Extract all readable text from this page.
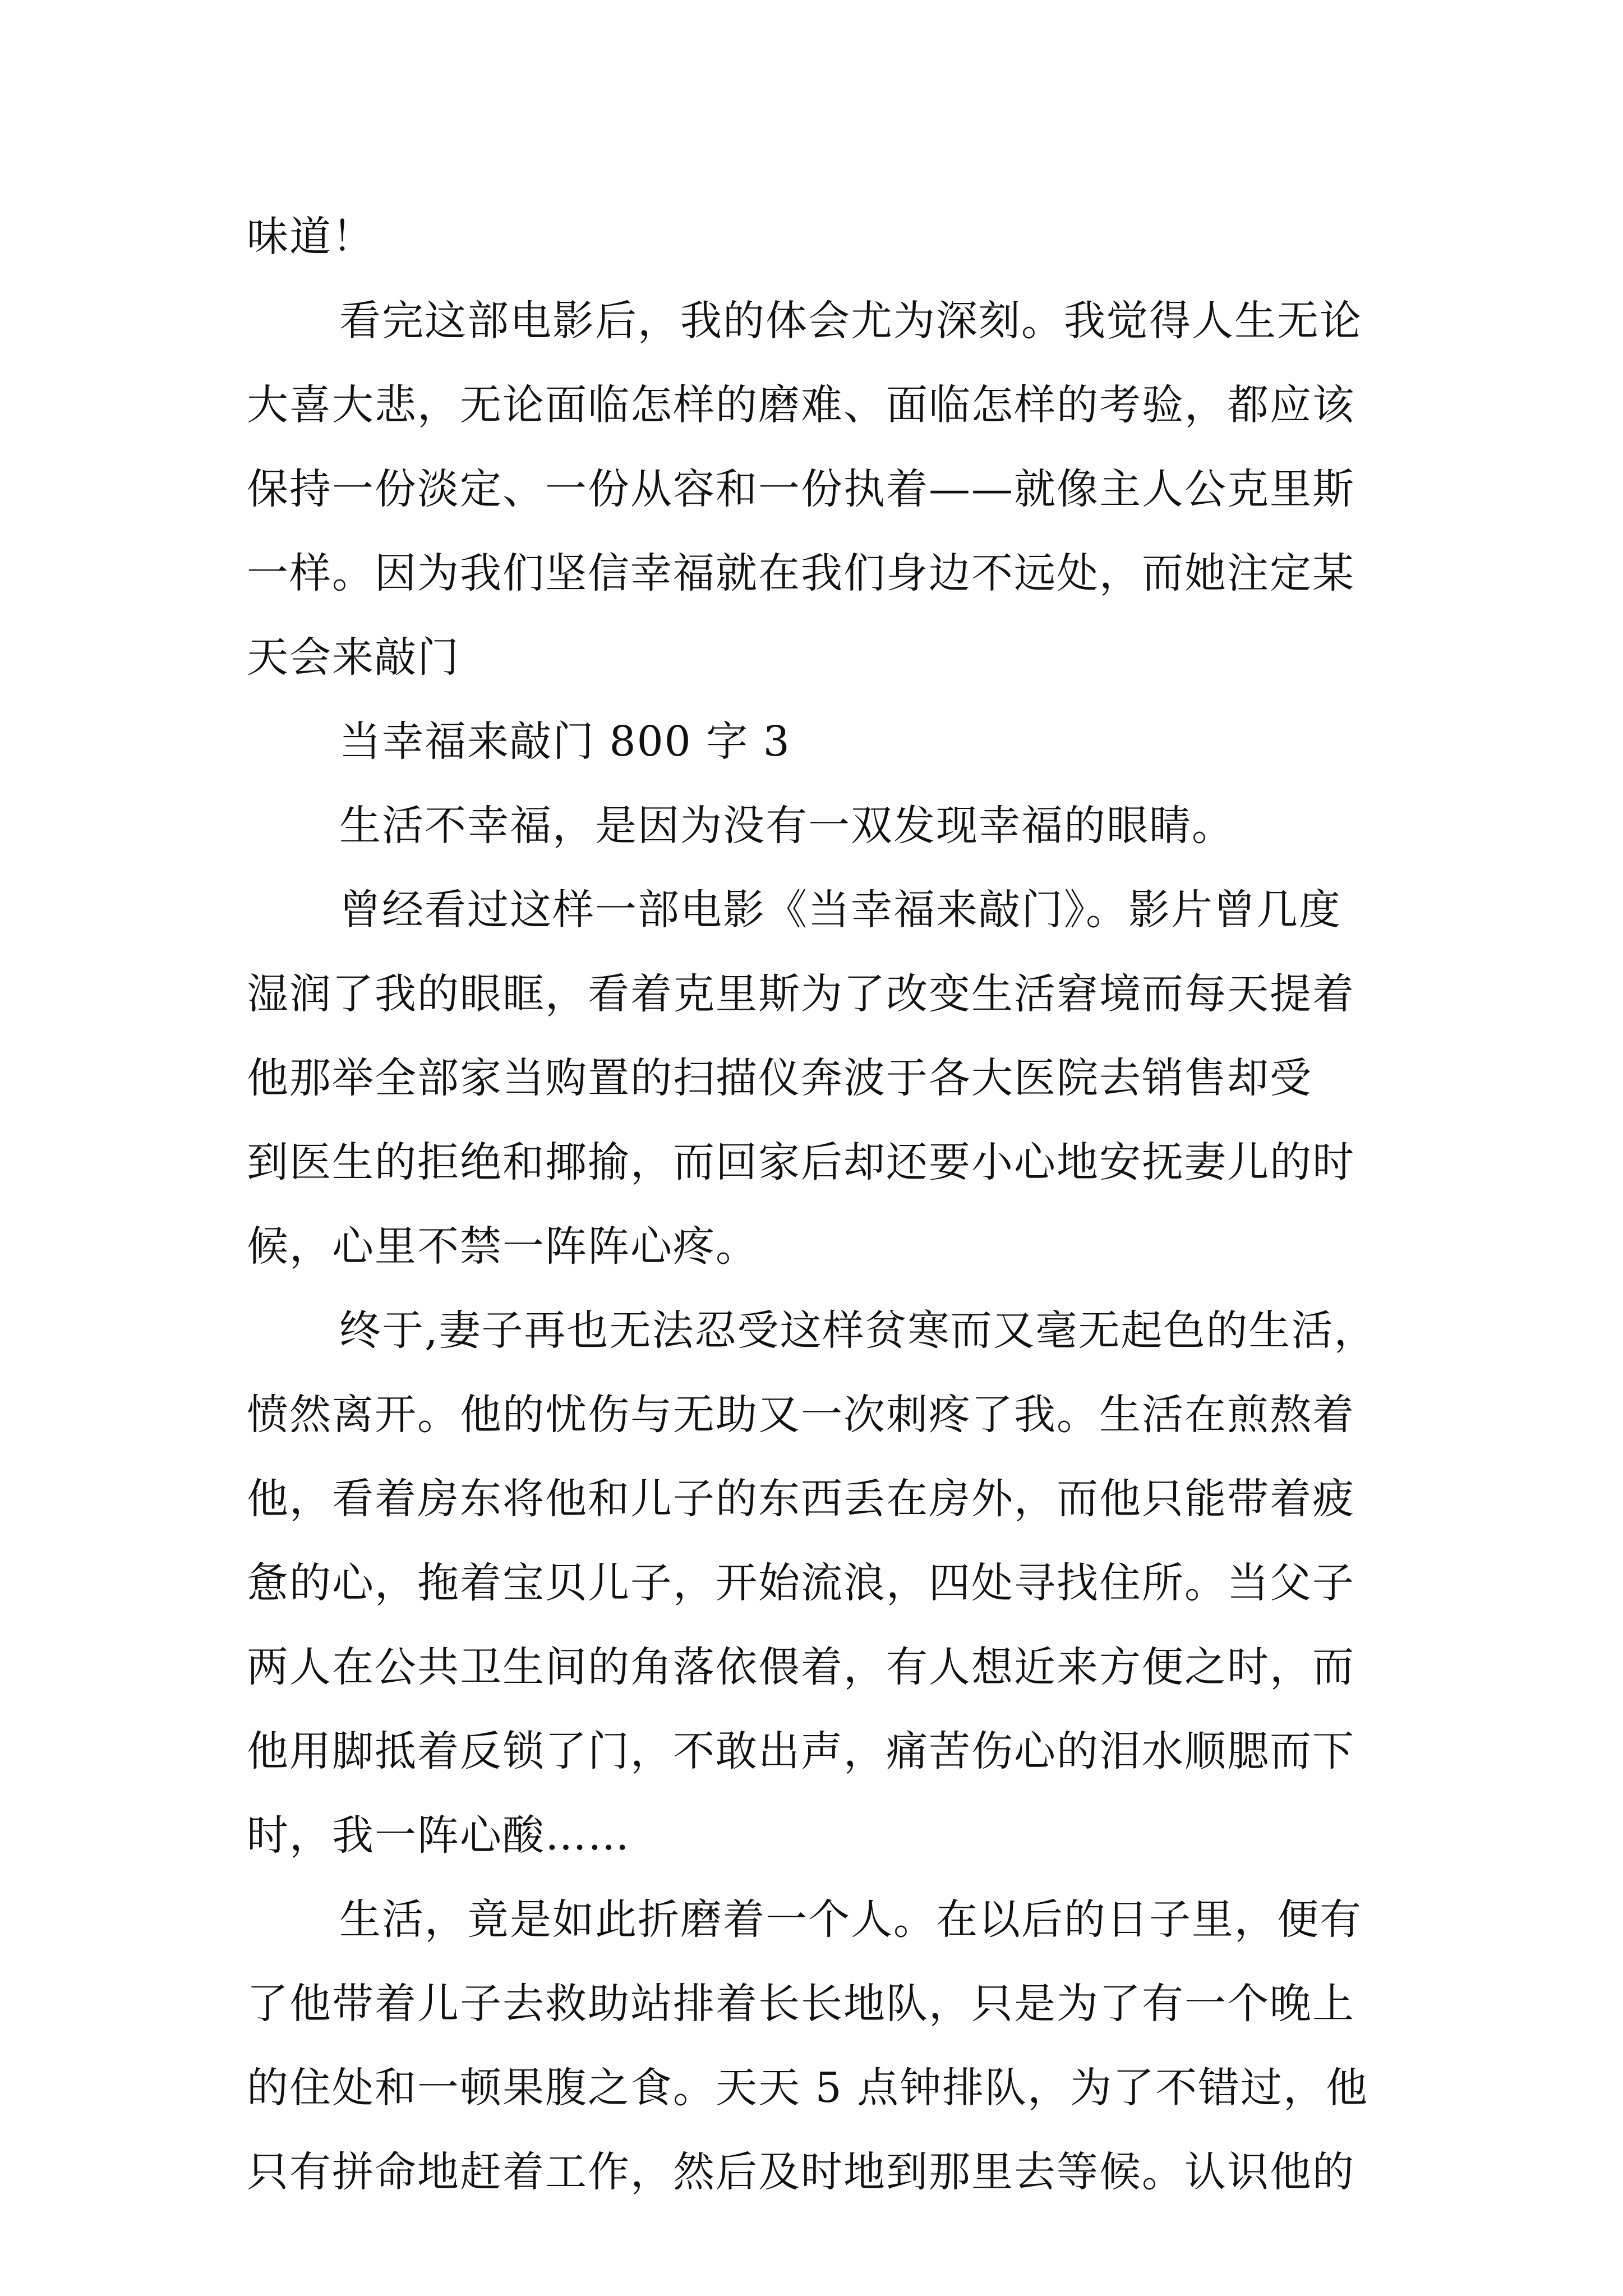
味道！
看完这部电影后，我的体会尤为深刻。我觉得人生无论
大喜大悲，无论面临怎样的磨难、面临怎样的考验，都应该
保持一份淡定、一份从容和一份执着——就像主人公克里斯
一样。因为我们坚信幸福就在我们身边不远处，而她注定某
天会来敲门
当幸福来敲门 800 字 3
生活不幸福，是因为没有一双发现幸福的眼睛。
曾经看过这样一部电影《当幸福来敲门》。影片曾几度
湿润了我的眼眶，看着克里斯为了改变生活窘境而每天提着
他那举全部家当购置的扫描仪奔波于各大医院去销售却受
到医生的拒绝和揶揄，而回家后却还要小心地安抚妻儿的时
候，心里不禁一阵阵心疼。
终于,妻子再也无法忍受这样贫寒而又毫无起色的生活，
愤然离开。他的忧伤与无助又一次刺疼了我。生活在煎熬着
他，看着房东将他和儿子的东西丢在房外，而他只能带着疲
惫的心，拖着宝贝儿子，开始流浪，四处寻找住所。当父子
两人在公共卫生间的角落依偎着，有人想近来方便之时，而
他用脚抵着反锁了门，不敢出声，痛苦伤心的泪水顺腮而下
时，我一阵心酸……
生活，竟是如此折磨着一个人。在以后的日子里，便有
了他带着儿子去救助站排着长长地队，只是为了有一个晚上
的住处和一顿果腹之食。天天 5 点钟排队，为了不错过，他
只有拼命地赶着工作，然后及时地到那里去等候。认识他的
